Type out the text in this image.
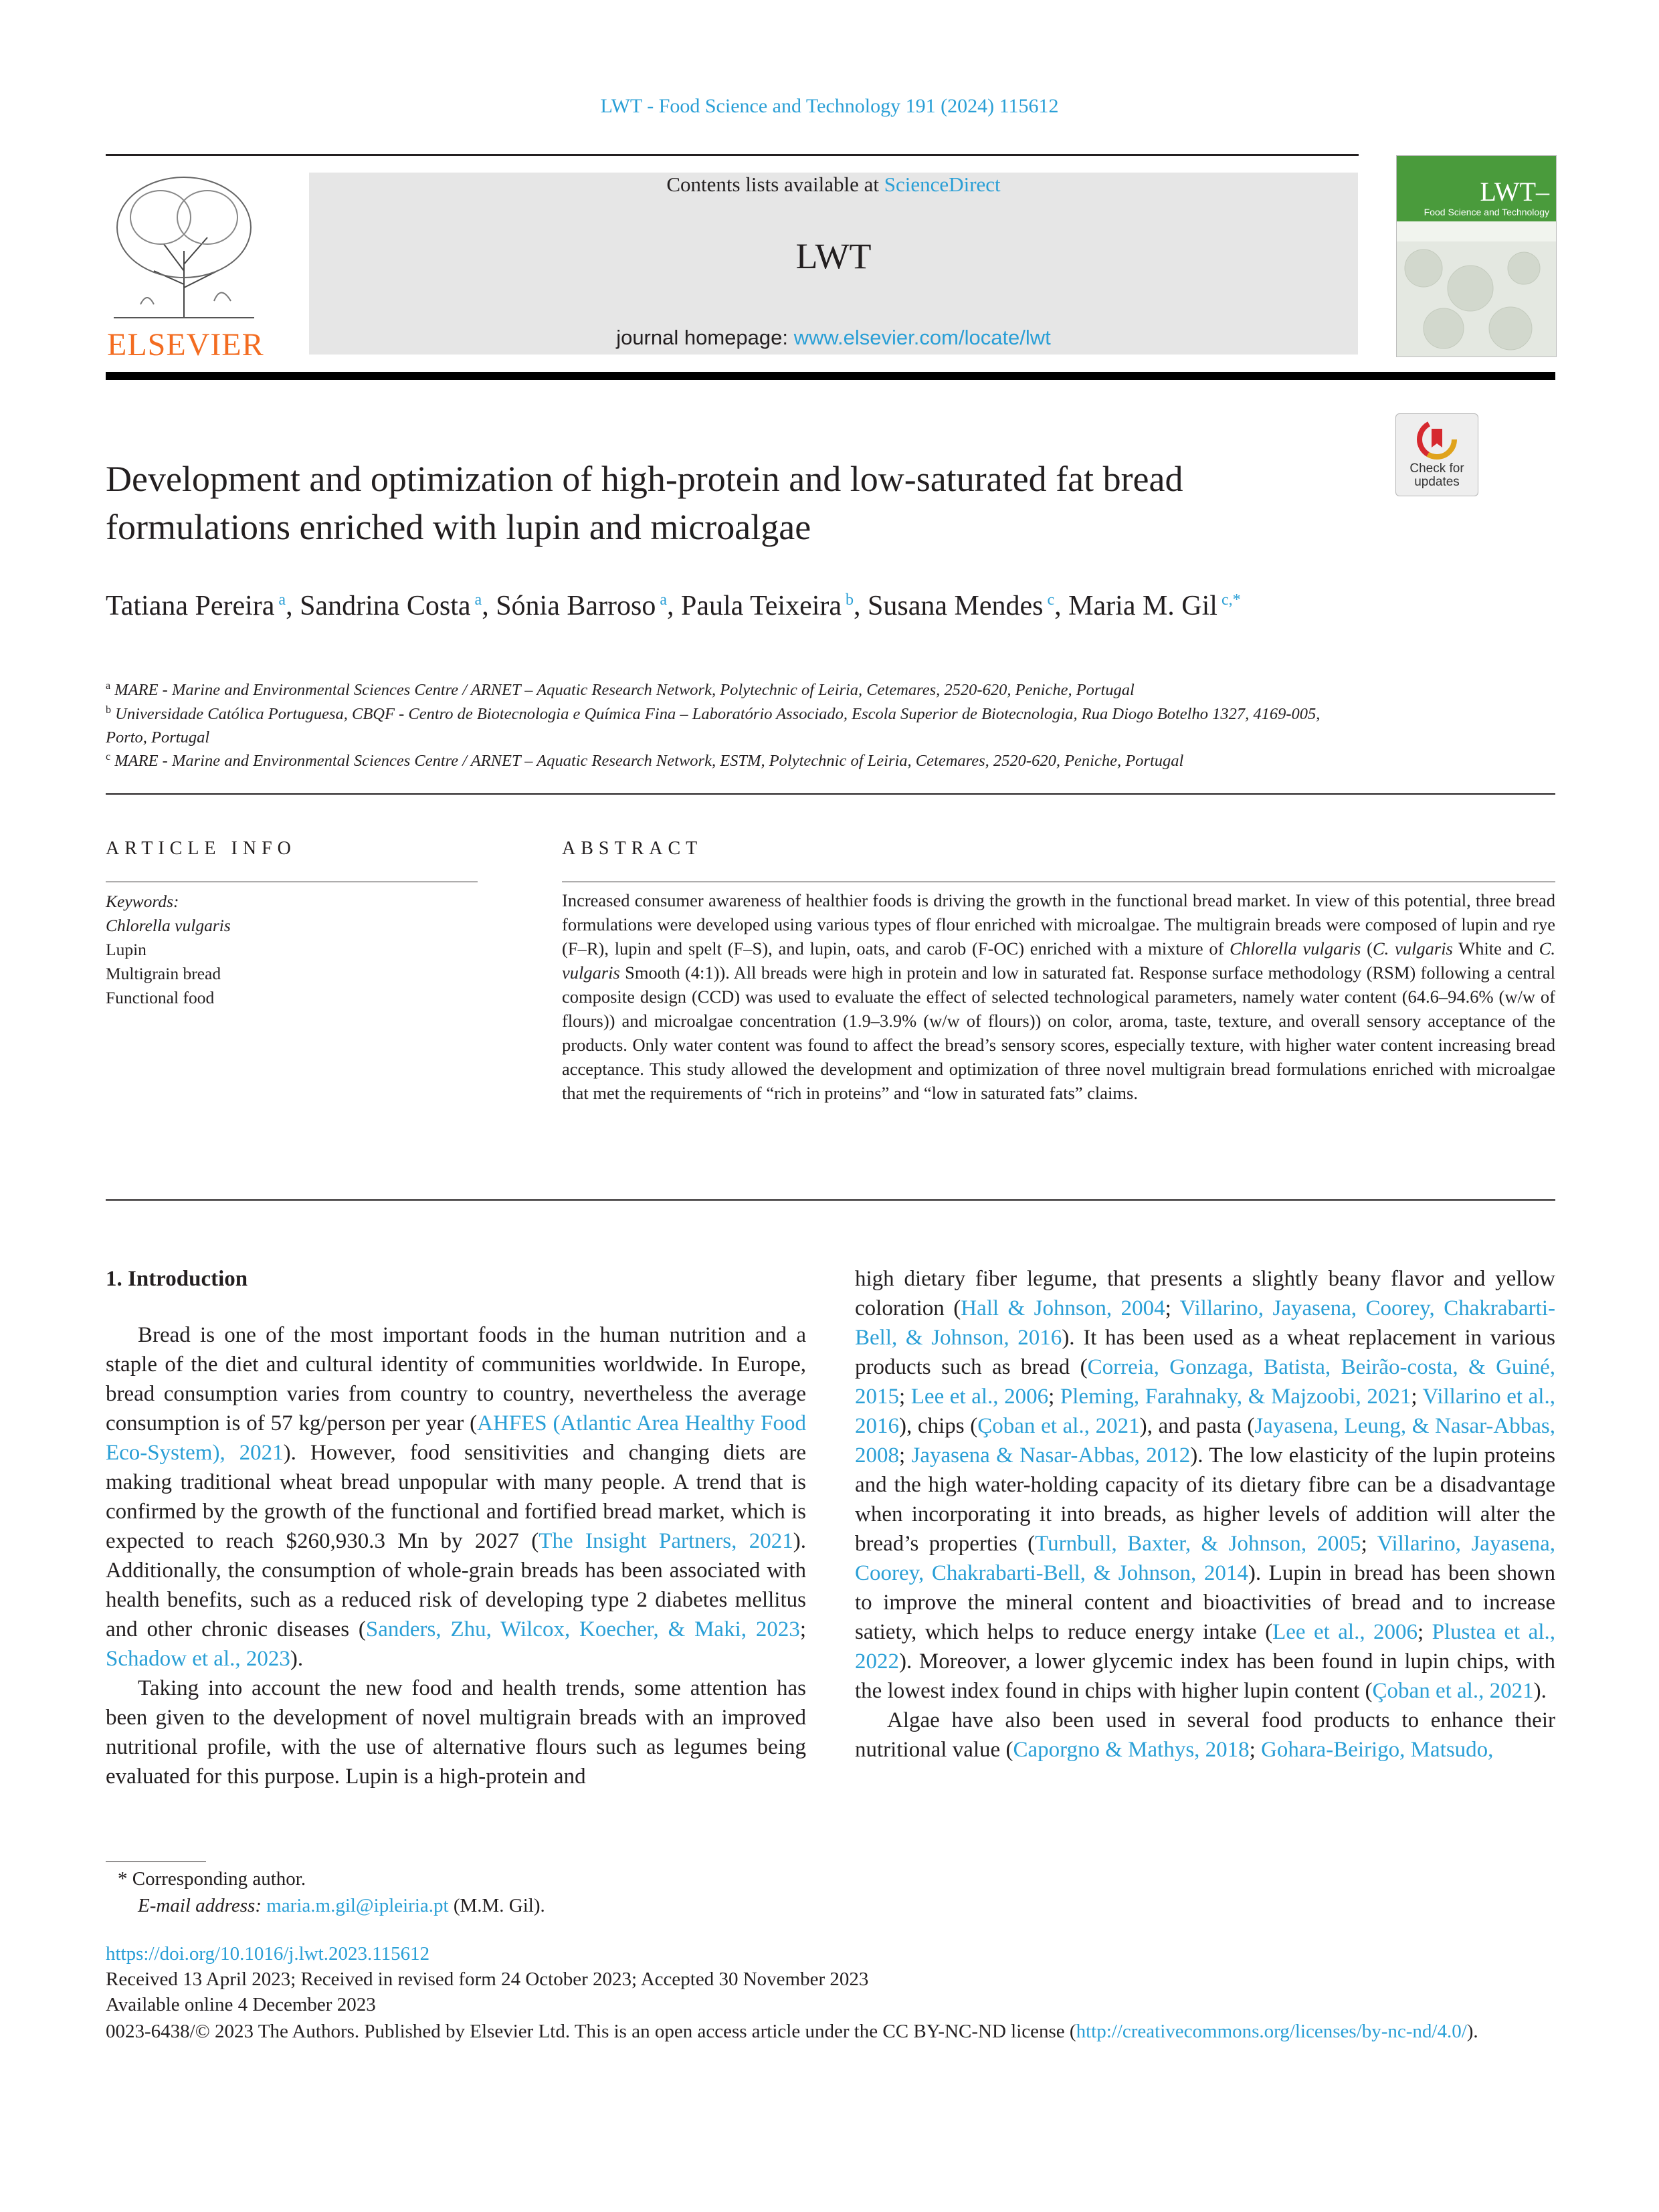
LWT - Food Science and Technology 191 (2024) 115612
ELSEVIER
Contents lists available at ScienceDirect
LWT
journal homepage: www.elsevier.com/locate/lwt
LWT–
Food Science and Technology
Development and optimization of high-protein and low-saturated fat bread formulations enriched with lupin and microalgae
Check for
updates
Tatiana Pereira $^a$, Sandrina Costa $^a$, Sónia Barroso $^a$, Paula Teixeira $^b$, Susana Mendes $^c$, Maria M. Gil $^{c,*}$
$^a$ MARE - Marine and Environmental Sciences Centre / ARNET – Aquatic Research Network, Polytechnic of Leiria, Cetemares, 2520-620, Peniche, Portugal
$^b$ Universidade Católica Portuguesa, CBQF - Centro de Biotecnologia e Química Fina – Laboratório Associado, Escola Superior de Biotecnologia, Rua Diogo Botelho 1327, 4169-005, Porto, Portugal
$^c$ MARE - Marine and Environmental Sciences Centre / ARNET – Aquatic Research Network, ESTM, Polytechnic of Leiria, Cetemares, 2520-620, Peniche, Portugal
ARTICLE INFO
Keywords:
Chlorella vulgaris
Lupin
Multigrain bread
Functional food
ABSTRACT
Increased consumer awareness of healthier foods is driving the growth in the functional bread market. In view of this potential, three bread formulations were developed using various types of flour enriched with microalgae. The multigrain breads were composed of lupin and rye (F–R), lupin and spelt (F–S), and lupin, oats, and carob (F-OC) enriched with a mixture of Chlorella vulgaris (C. vulgaris White and C. vulgaris Smooth (4:1)). All breads were high in protein and low in saturated fat. Response surface methodology (RSM) following a central composite design (CCD) was used to evaluate the effect of selected technological parameters, namely water content (64.6–94.6% (w/w of flours)) and microalgae concentration (1.9–3.9% (w/w of flours)) on color, aroma, taste, texture, and overall sensory acceptance of the products. Only water content was found to affect the bread’s sensory scores, especially texture, with higher water content increasing bread acceptance. This study allowed the development and optimization of three novel multigrain bread formulations enriched with microalgae that met the requirements of “rich in proteins” and “low in saturated fats” claims.

1. Introduction

Bread is one of the most important foods in the human nutrition and a staple of the diet and cultural identity of communities worldwide. In Europe, bread consumption varies from country to country, nevertheless the average consumption is of 57 kg/person per year (AHFES (Atlantic Area Healthy Food Eco-System), 2021). However, food sensitivities and changing diets are making traditional wheat bread unpopular with many people. A trend that is confirmed by the growth of the functional and fortified bread market, which is expected to reach $260,930.3 Mn by 2027 (The Insight Partners, 2021). Additionally, the consumption of whole-grain breads has been associated with health benefits, such as a reduced risk of developing type 2 diabetes mellitus and other chronic diseases (Sanders, Zhu, Wilcox, Koecher, & Maki, 2023; Schadow et al., 2023).

Taking into account the new food and health trends, some attention has been given to the development of novel multigrain breads with an improved nutritional profile, with the use of alternative flours such as legumes being evaluated for this purpose. Lupin is a high-protein and

high dietary fiber legume, that presents a slightly beany flavor and yellow coloration (Hall & Johnson, 2004; Villarino, Jayasena, Coorey, Chakrabarti-Bell, & Johnson, 2016). It has been used as a wheat replacement in various products such as bread (Correia, Gonzaga, Batista, Beirão-costa, & Guiné, 2015; Lee et al., 2006; Pleming, Farahnaky, & Majzoobi, 2021; Villarino et al., 2016), chips (Çoban et al., 2021), and pasta (Jayasena, Leung, & Nasar-Abbas, 2008; Jayasena & Nasar-Abbas, 2012). The low elasticity of the lupin proteins and the high water-holding capacity of its dietary fibre can be a disadvantage when incorporating it into breads, as higher levels of addition will alter the bread’s properties (Turnbull, Baxter, & Johnson, 2005; Villarino, Jayasena, Coorey, Chakrabarti-Bell, & Johnson, 2014). Lupin in bread has been shown to improve the mineral content and bioactivities of bread and to increase satiety, which helps to reduce energy intake (Lee et al., 2006; Plustea et al., 2022). Moreover, a lower glycemic index has been found in lupin chips, with the lowest index found in chips with higher lupin content (Çoban et al., 2021).

Algae have also been used in several food products to enhance their nutritional value (Caporgno & Mathys, 2018; Gohara-Beirigo, Matsudo,

* Corresponding author.
E-mail address: maria.m.gil@ipleiria.pt (M.M. Gil).
https://doi.org/10.1016/j.lwt.2023.115612
Received 13 April 2023; Received in revised form 24 October 2023; Accepted 30 November 2023
Available online 4 December 2023
0023-6438/© 2023 The Authors. Published by Elsevier Ltd. This is an open access article under the CC BY-NC-ND license (http://creativecommons.org/licenses/by-nc-nd/4.0/).
